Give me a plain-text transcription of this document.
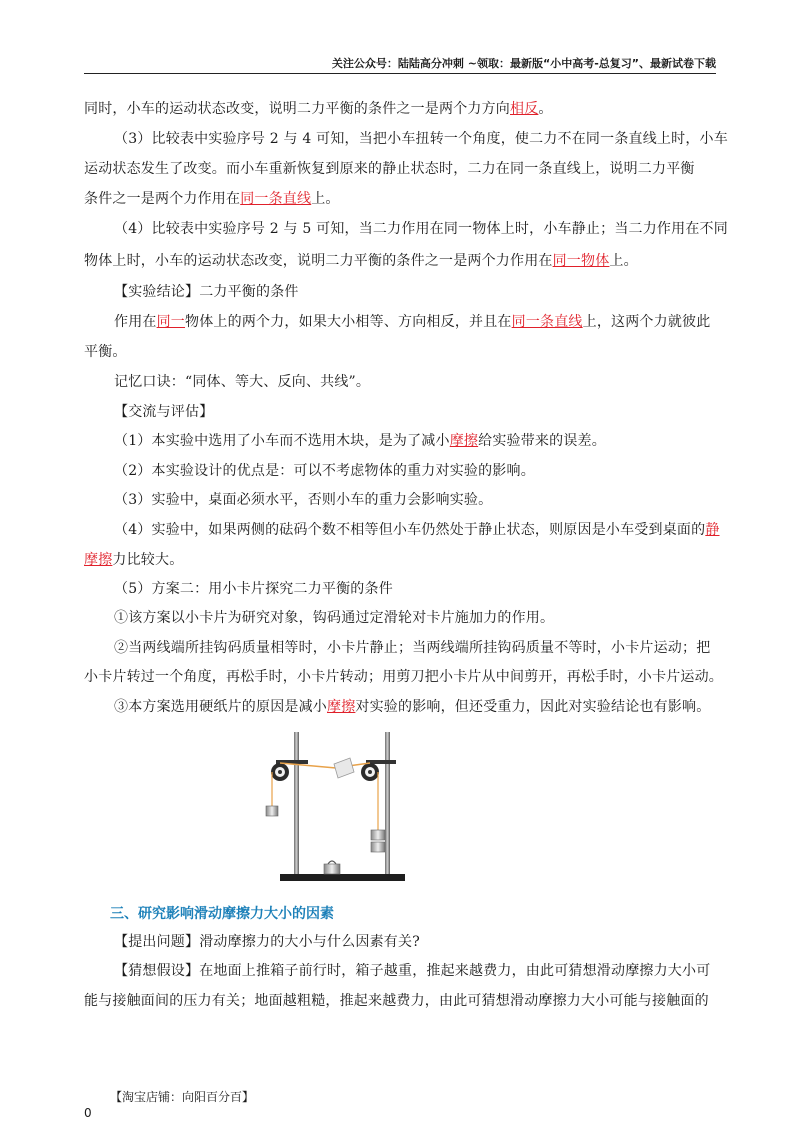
关注公众号：陆陆高分冲刺 ~领取：最新版“小中高考-总复习”、最新试卷下载
同时，小车的运动状态改变，说明二力平衡的条件之一是两个力方向相反。
（3）比较表中实验序号 2 与 4 可知，当把小车扭转一个角度，使二力不在同一条直线上时，小车
运动状态发生了改变。而小车重新恢复到原来的静止状态时，二力在同一条直线上，说明二力平衡
条件之一是两个力作用在同一条直线上。
（4）比较表中实验序号 2 与 5 可知，当二力作用在同一物体上时，小车静止；当二力作用在不同
物体上时，小车的运动状态改变，说明二力平衡的条件之一是两个力作用在同一物体上。
【实验结论】二力平衡的条件
作用在同一物体上的两个力，如果大小相等、方向相反，并且在同一条直线上，这两个力就彼此
平衡。
记忆口诀：“同体、等大、反向、共线”。
【交流与评估】
（1）本实验中选用了小车而不选用木块，是为了减小摩擦给实验带来的误差。
（2）本实验设计的优点是：可以不考虑物体的重力对实验的影响。
（3）实验中，桌面必须水平，否则小车的重力会影响实验。
（4）实验中，如果两侧的砝码个数不相等但小车仍然处于静止状态，则原因是小车受到桌面的静
摩擦力比较大。
（5）方案二：用小卡片探究二力平衡的条件
①该方案以小卡片为研究对象，钩码通过定滑轮对卡片施加力的作用。
②当两线端所挂钩码质量相等时，小卡片静止；当两线端所挂钩码质量不等时，小卡片运动；把
小卡片转过一个角度，再松手时，小卡片转动；用剪刀把小卡片从中间剪开，再松手时，小卡片运动。
③本方案选用硬纸片的原因是减小摩擦对实验的影响，但还受重力，因此对实验结论也有影响。
三、研究影响滑动摩擦力大小的因素
【提出问题】滑动摩擦力的大小与什么因素有关?
【猜想假设】在地面上推箱子前行时，箱子越重，推起来越费力，由此可猜想滑动摩擦力大小可
能与接触面间的压力有关；地面越粗糙，推起来越费力，由此可猜想滑动摩擦力大小可能与接触面的
【淘宝店铺：向阳百分百】
0
